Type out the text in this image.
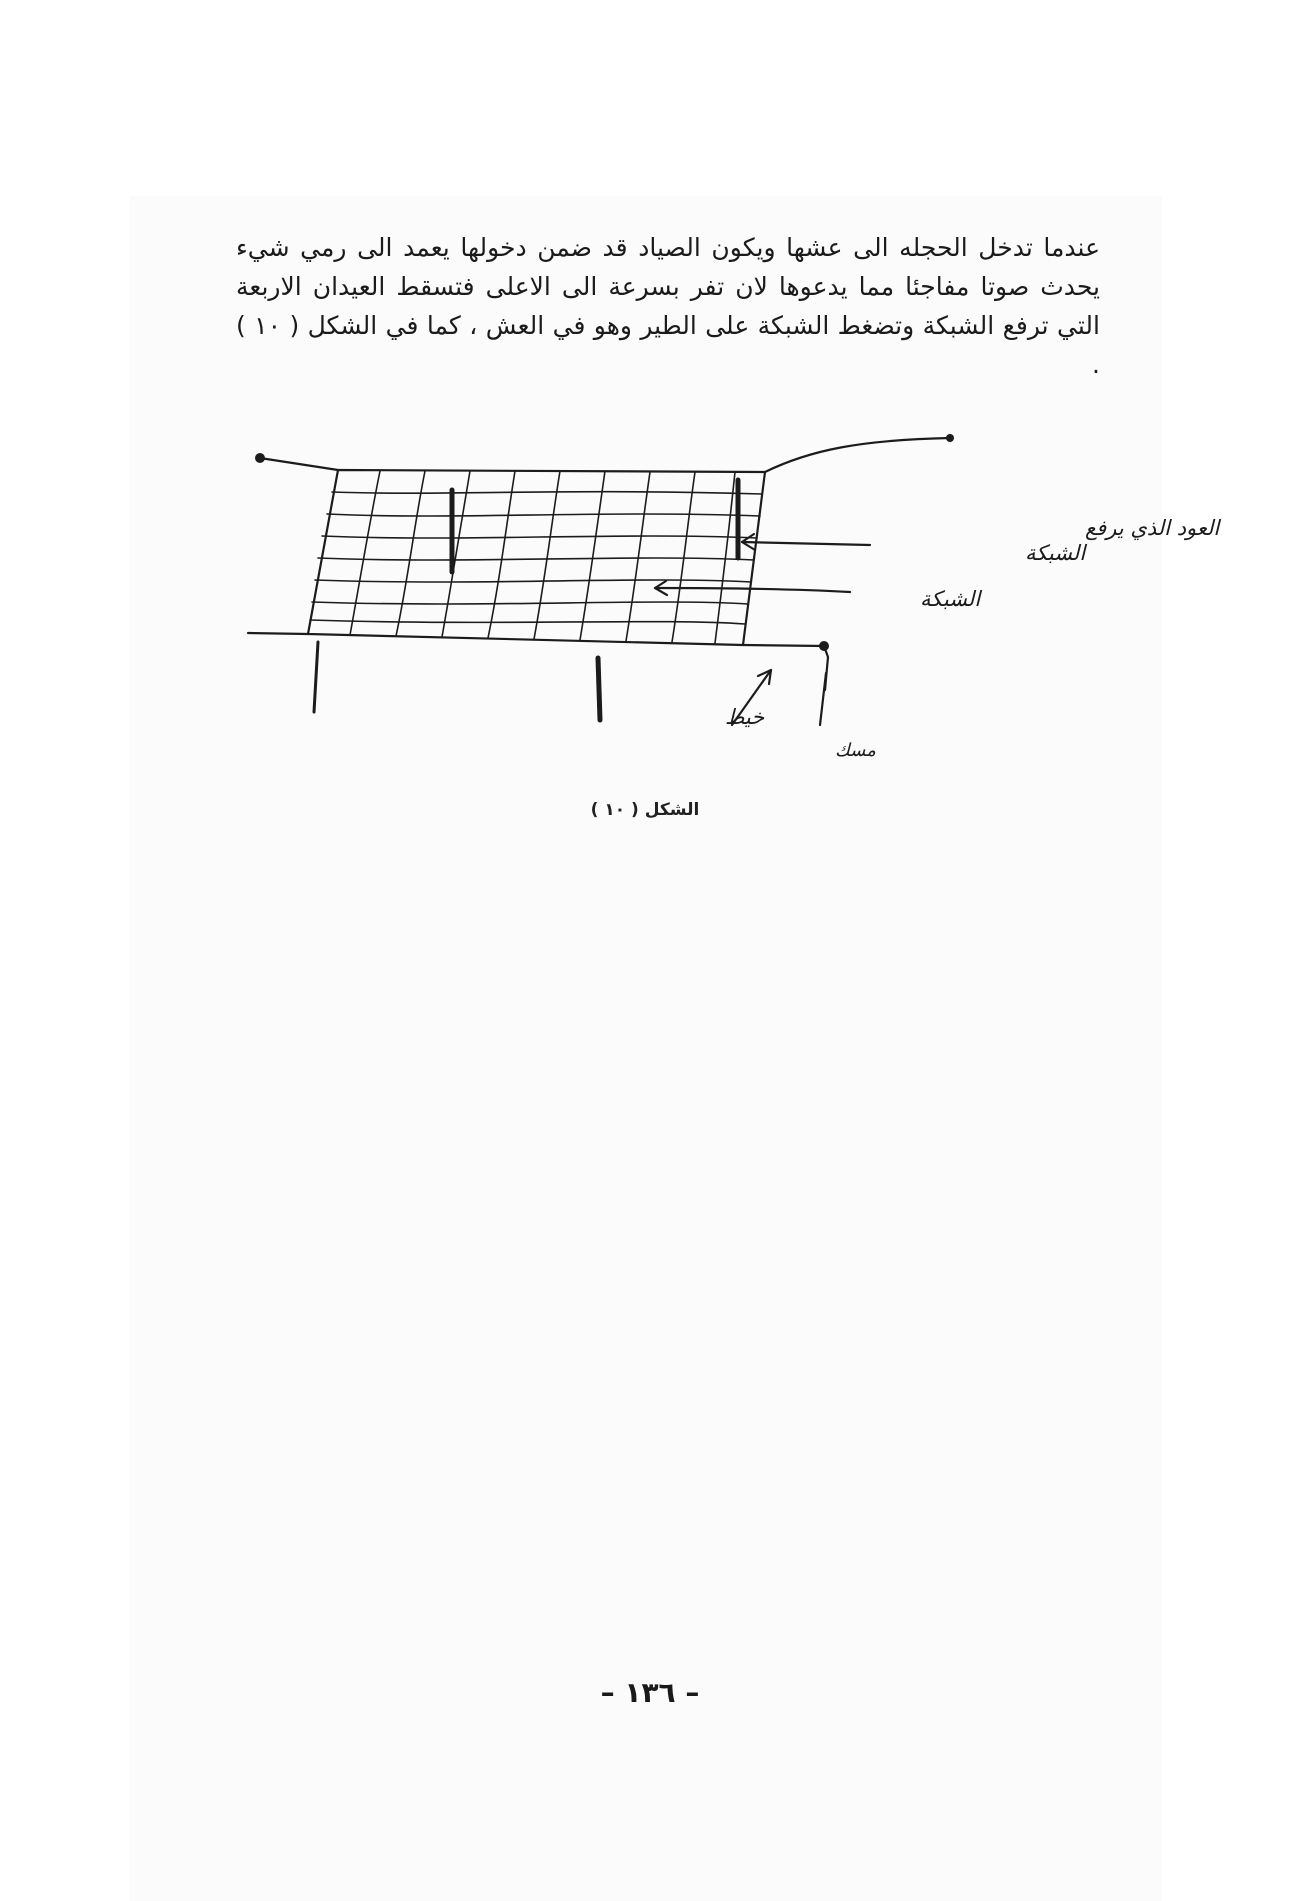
عندما تدخل الحجله الى عشها ويكون الصياد قد ضمن دخولها يعمد الى رمي شيء يحدث صوتا مفاجئا مما يدعوها لان تفر بسرعة الى الاعلى فتسقط العيدان الاربعة التي ترفع الشبكة وتضغط الشبكة على الطير وهو في العش ، كما في الشكل ( ١٠ ) .

العود الذي يرفع
الشبكة
الشبكة
خيط
مسك
الشكل ( ١٠ )
– ١٣٦ –
